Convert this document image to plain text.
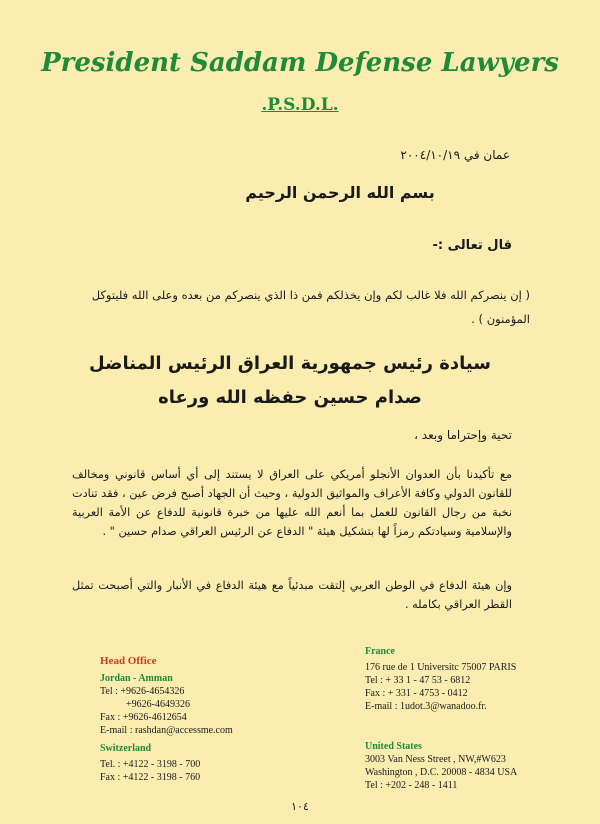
President Saddam Defense Lawyers
.P.S.D.L.
عمان في ٢٠٠٤/١٠/١٩
بسم الله الرحمن الرحيم
قال تعالى :-
( إن ينصركم الله فلا غالب لكم وإن يخذلكم فمن ذا الذي ينصركم من بعده وعلى الله فليتوكل المؤمنون ) .
سيادة رئيس جمهورية العراق الرئيس المناضل
صدام حسين حفظه الله ورعاه
تحية وإحتراما وبعد ،
مع تأكيدنا بأن العدوان الأنجلو أمريكي على العراق لا يستند إلى أي أساس قانوني ومخالف للقانون الدولي وكافة الأعراف والمواثيق الدولية ، وحيث أن الجهاد أصبح فرض عين ، فقد تنادت نخبة من رجال القانون للعمل بما أنعم الله عليها من خبرة قانونية للدفاع عن الأمة العربية والإسلامية وسيادتكم رمزاً لها بتشكيل هيئة " الدفاع عن الرئيس العراقي صدام حسين " .
وإن هيئة الدفاع في الوطن العربي إلتقت مبدئياً مع هيئة الدفاع في الأنبار والتي أصبحت تمثل القطر العراقي بكامله .
Head Office
Jordan - Amman
Tel : +9626-4654326
+9626-4649326
Fax : +9626-4612654
E-mail : rashdan@accessme.com
Switzerland
Tel. : +4122 - 3198 - 700
Fax : +4122 - 3198 - 760
France
176 rue de 1 Universitc 75007 PARIS
Tel : + 33 1 - 47 53 - 6812
Fax : + 331 - 4753 - 0412
E-mail : 1udot.3@wanadoo.fr.
United States
3003 Van Ness Street , NW,#W623
Washington , D.C. 20008 - 4834 USA
Tel : +202 - 248 - 1411
١٠٤
